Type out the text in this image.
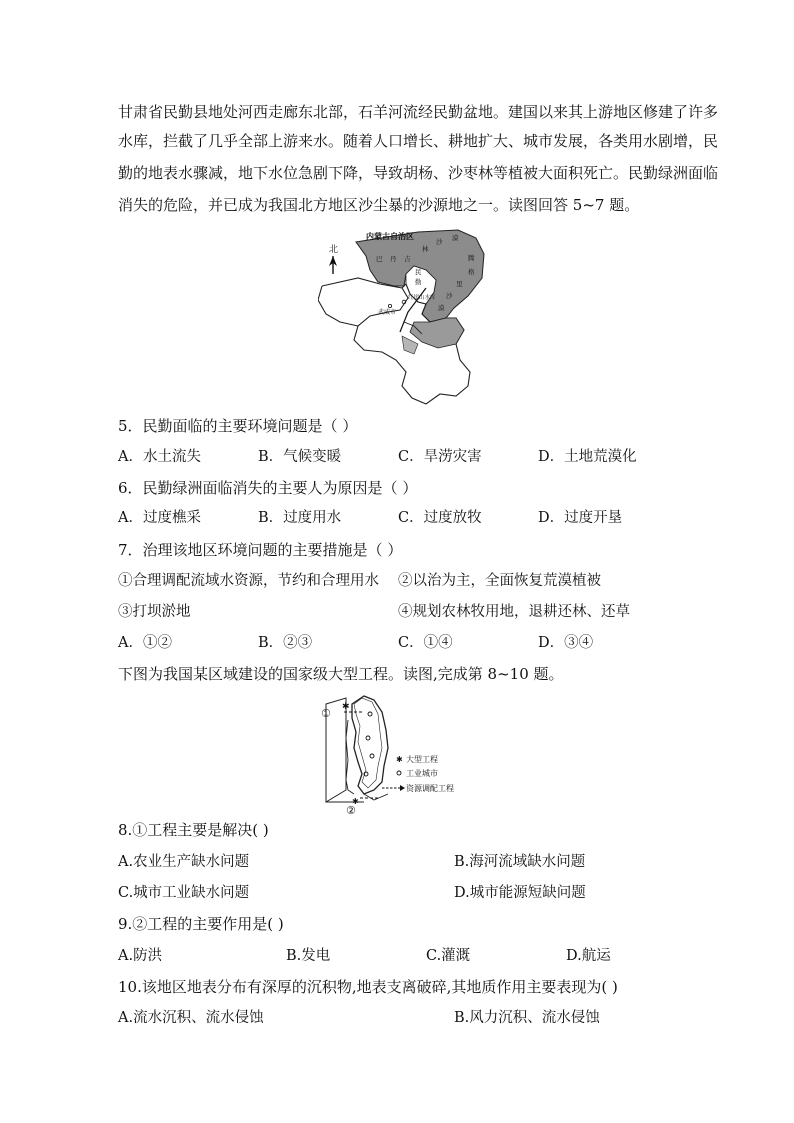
甘肃省民勤县地处河西走廊东北部，石羊河流经民勤盆地。建国以来其上游地区修建了许多
水库，拦截了几乎全部上游来水。随着人口增长、耕地扩大、城市发展，各类用水剧增，民
勤的地表水骤减，地下水位急剧下降，导致胡杨、沙枣林等植被大面积死亡。民勤绿洲面临
消失的危险，并已成为我国北方地区沙尘暴的沙源地之一。读图回答 5~7 题。
北
内蒙古自治区
巴 丹 吉
林
沙 漠
腾
格
里
沙
漠
民
勤
红崖山水库
武威市
5．民勤面临的主要环境问题是（ ）
A．水土流失	B．气候变暖	C．旱涝灾害	D．土地荒漠化
6．民勤绿洲面临消失的主要人为原因是（ ）
A．过度樵采	B．过度用水	C．过度放牧	D．过度开垦
7．治理该地区环境问题的主要措施是（ ）
①合理调配流域水资源，节约和合理用水 ②以治为主，全面恢复荒漠植被
③打坝淤地	④规划农林牧用地，退耕还林、还草
A．①②	B．②③	C．①④	D．③④
下图为我国某区域建设的国家级大型工程。读图,完成第 8~10 题。
✱
✱
①
②
✱ 大型工程
工业城市
资源调配工程
8.①工程主要是解决( )
A.农业生产缺水问题	B.海河流域缺水问题
C.城市工业缺水问题	D.城市能源短缺问题
9.②工程的主要作用是( )
A.防洪	B.发电	C.灌溉	D.航运
10.该地区地表分布有深厚的沉积物,地表支离破碎,其地质作用主要表现为( )
A.流水沉积、流水侵蚀	B.风力沉积、流水侵蚀
